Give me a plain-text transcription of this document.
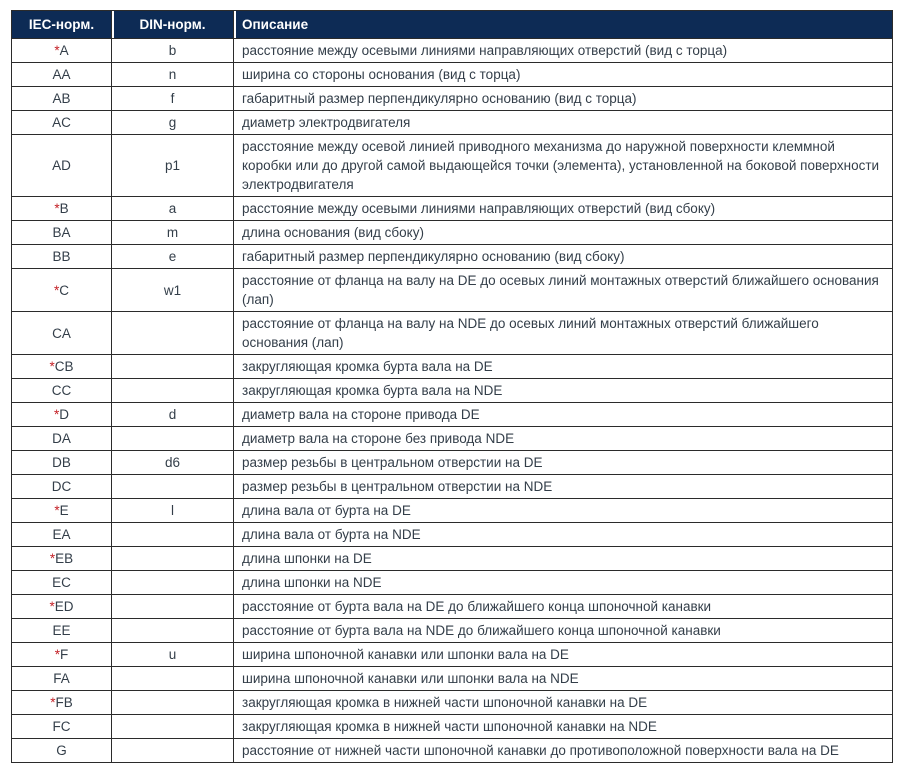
IEC-норм.	DIN-норм.	Описание
*A	b	расстояние между осевыми линиями направляющих отверстий (вид с торца)
AA	n	ширина со стороны основания (вид с торца)
AB	f	габаритный размер перпендикулярно основанию (вид с торца)
AC	g	диаметр электродвигателя
AD	p1	расстояние между осевой линией приводного механизма до наружной поверхности клеммной коробки или до другой самой выдающейся точки (элемента), установленной на боковой поверхности электродвигателя
*B	a	расстояние между осевыми линиями направляющих отверстий (вид сбоку)
BA	m	длина основания (вид сбоку)
BB	e	габаритный размер перпендикулярно основанию (вид сбоку)
*C	w1	расстояние от фланца на валу на DE до осевых линий монтажных отверстий ближайшего основания (лап)
CA		расстояние от фланца на валу на NDE до осевых линий монтажных отверстий ближайшего основания (лап)
*CB		закругляющая кромка бурта вала на DE
CC		закругляющая кромка бурта вала на NDE
*D	d	диаметр вала на стороне привода DE
DA		диаметр вала на стороне без привода NDE
DB	d6	размер резьбы в центральном отверстии на DE
DC		размер резьбы в центральном отверстии на NDE
*E	l	длина вала от бурта на DE
EA		длина вала от бурта на NDE
*EB		длина шпонки на DE
EC		длина шпонки на NDE
*ED		расстояние от бурта вала на DE до ближайшего конца шпоночной канавки
EE		расстояние от бурта вала на NDE до ближайшего конца шпоночной канавки
*F	u	ширина шпоночной канавки или шпонки вала на DE
FA		ширина шпоночной канавки или шпонки вала на NDE
*FB		закругляющая кромка в нижней части шпоночной канавки на DE
FC		закругляющая кромка в нижней части шпоночной канавки на NDE
G		расстояние от нижней части шпоночной канавки до противоположной поверхности вала на DE
